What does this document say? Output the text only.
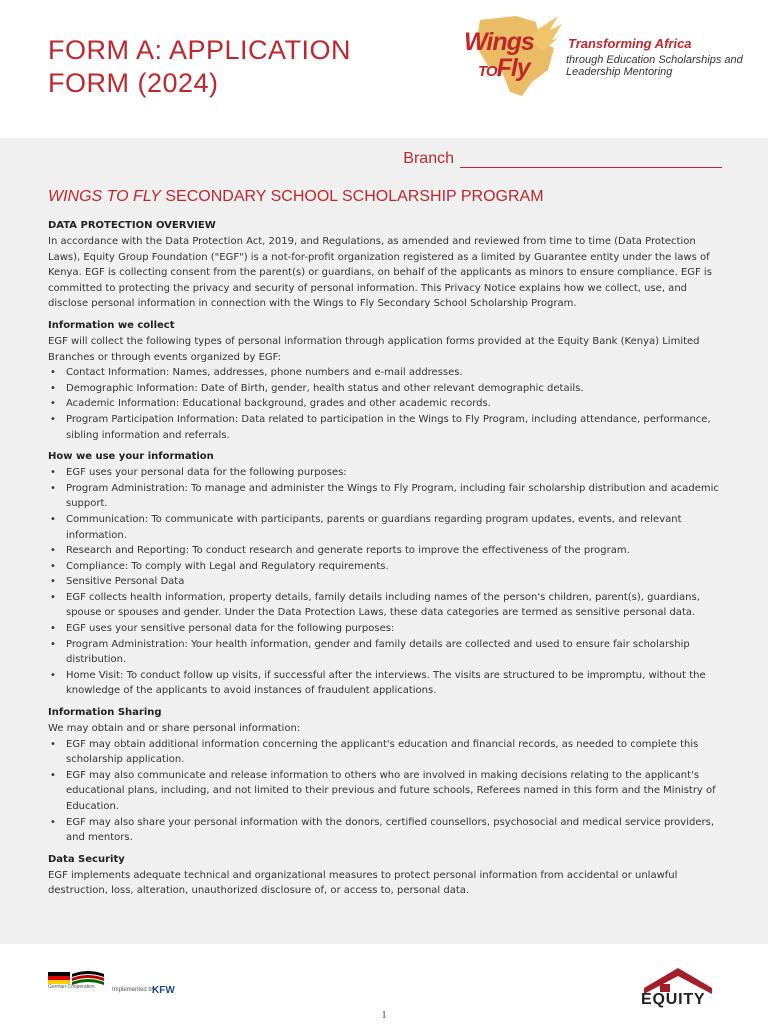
FORM A: APPLICATION FORM (2024)
Wings
TOFly
Transforming Africa
through Education Scholarships and Leadership Mentoring
Branch
WINGS TO FLY SECONDARY SCHOOL SCHOLARSHIP PROGRAM
DATA PROTECTION OVERVIEW

In accordance with the Data Protection Act, 2019, and Regulations, as amended and reviewed from time to time (Data Protection Laws), Equity Group Foundation ("EGF") is a not-for-profit organization registered as a limited by Guarantee entity under the laws of Kenya. EGF is collecting consent from the parent(s) or guardians, on behalf of the applicants as minors to ensure compliance. EGF is committed to protecting the privacy and security of personal information. This Privacy Notice explains how we collect, use, and disclose personal information in connection with the Wings to Fly Secondary School Scholarship Program.

Information we collect

EGF will collect the following types of personal information through application forms provided at the Equity Bank (Kenya) Limited Branches or through events organized by EGF:

• Contact Information: Names, addresses, phone numbers and e-mail addresses.
• Demographic Information: Date of Birth, gender, health status and other relevant demographic details.
• Academic Information: Educational background, grades and other academic records.
• Program Participation Information: Data related to participation in the Wings to Fly Program, including attendance, performance, sibling information and referrals.
How we use your information
• EGF uses your personal data for the following purposes:
• Program Administration: To manage and administer the Wings to Fly Program, including fair scholarship distribution and academic support.
• Communication: To communicate with participants, parents or guardians regarding program updates, events, and relevant information.
• Research and Reporting: To conduct research and generate reports to improve the effectiveness of the program.
• Compliance: To comply with Legal and Regulatory requirements.
• Sensitive Personal Data
• EGF collects health information, property details, family details including names of the person's children, parent(s), guardians, spouse or spouses and gender. Under the Data Protection Laws, these data categories are termed as sensitive personal data.
• EGF uses your sensitive personal data for the following purposes:
• Program Administration: Your health information, gender and family details are collected and used to ensure fair scholarship distribution.
• Home Visit: To conduct follow up visits, if successful after the interviews. The visits are structured to be impromptu, without the knowledge of the applicants to avoid instances of fraudulent applications.
Information Sharing

We may obtain and or share personal information:

• EGF may obtain additional information concerning the applicant's education and financial records, as needed to complete this scholarship application.
• EGF may also communicate and release information to others who are involved in making decisions relating to the applicant's educational plans, including, and not limited to their previous and future schools, Referees named in this form and the Ministry of Education.
• EGF may also share your personal information with the donors, certified counsellors, psychosocial and medical service providers, and mentors.
Data Security

EGF implements adequate technical and organizational measures to protect personal information from accidental or unlawful destruction, loss, alteration, unauthorized disclosure of, or access to, personal data.

German Cooperation	Implemented by:
KFW
EQUITY
1
